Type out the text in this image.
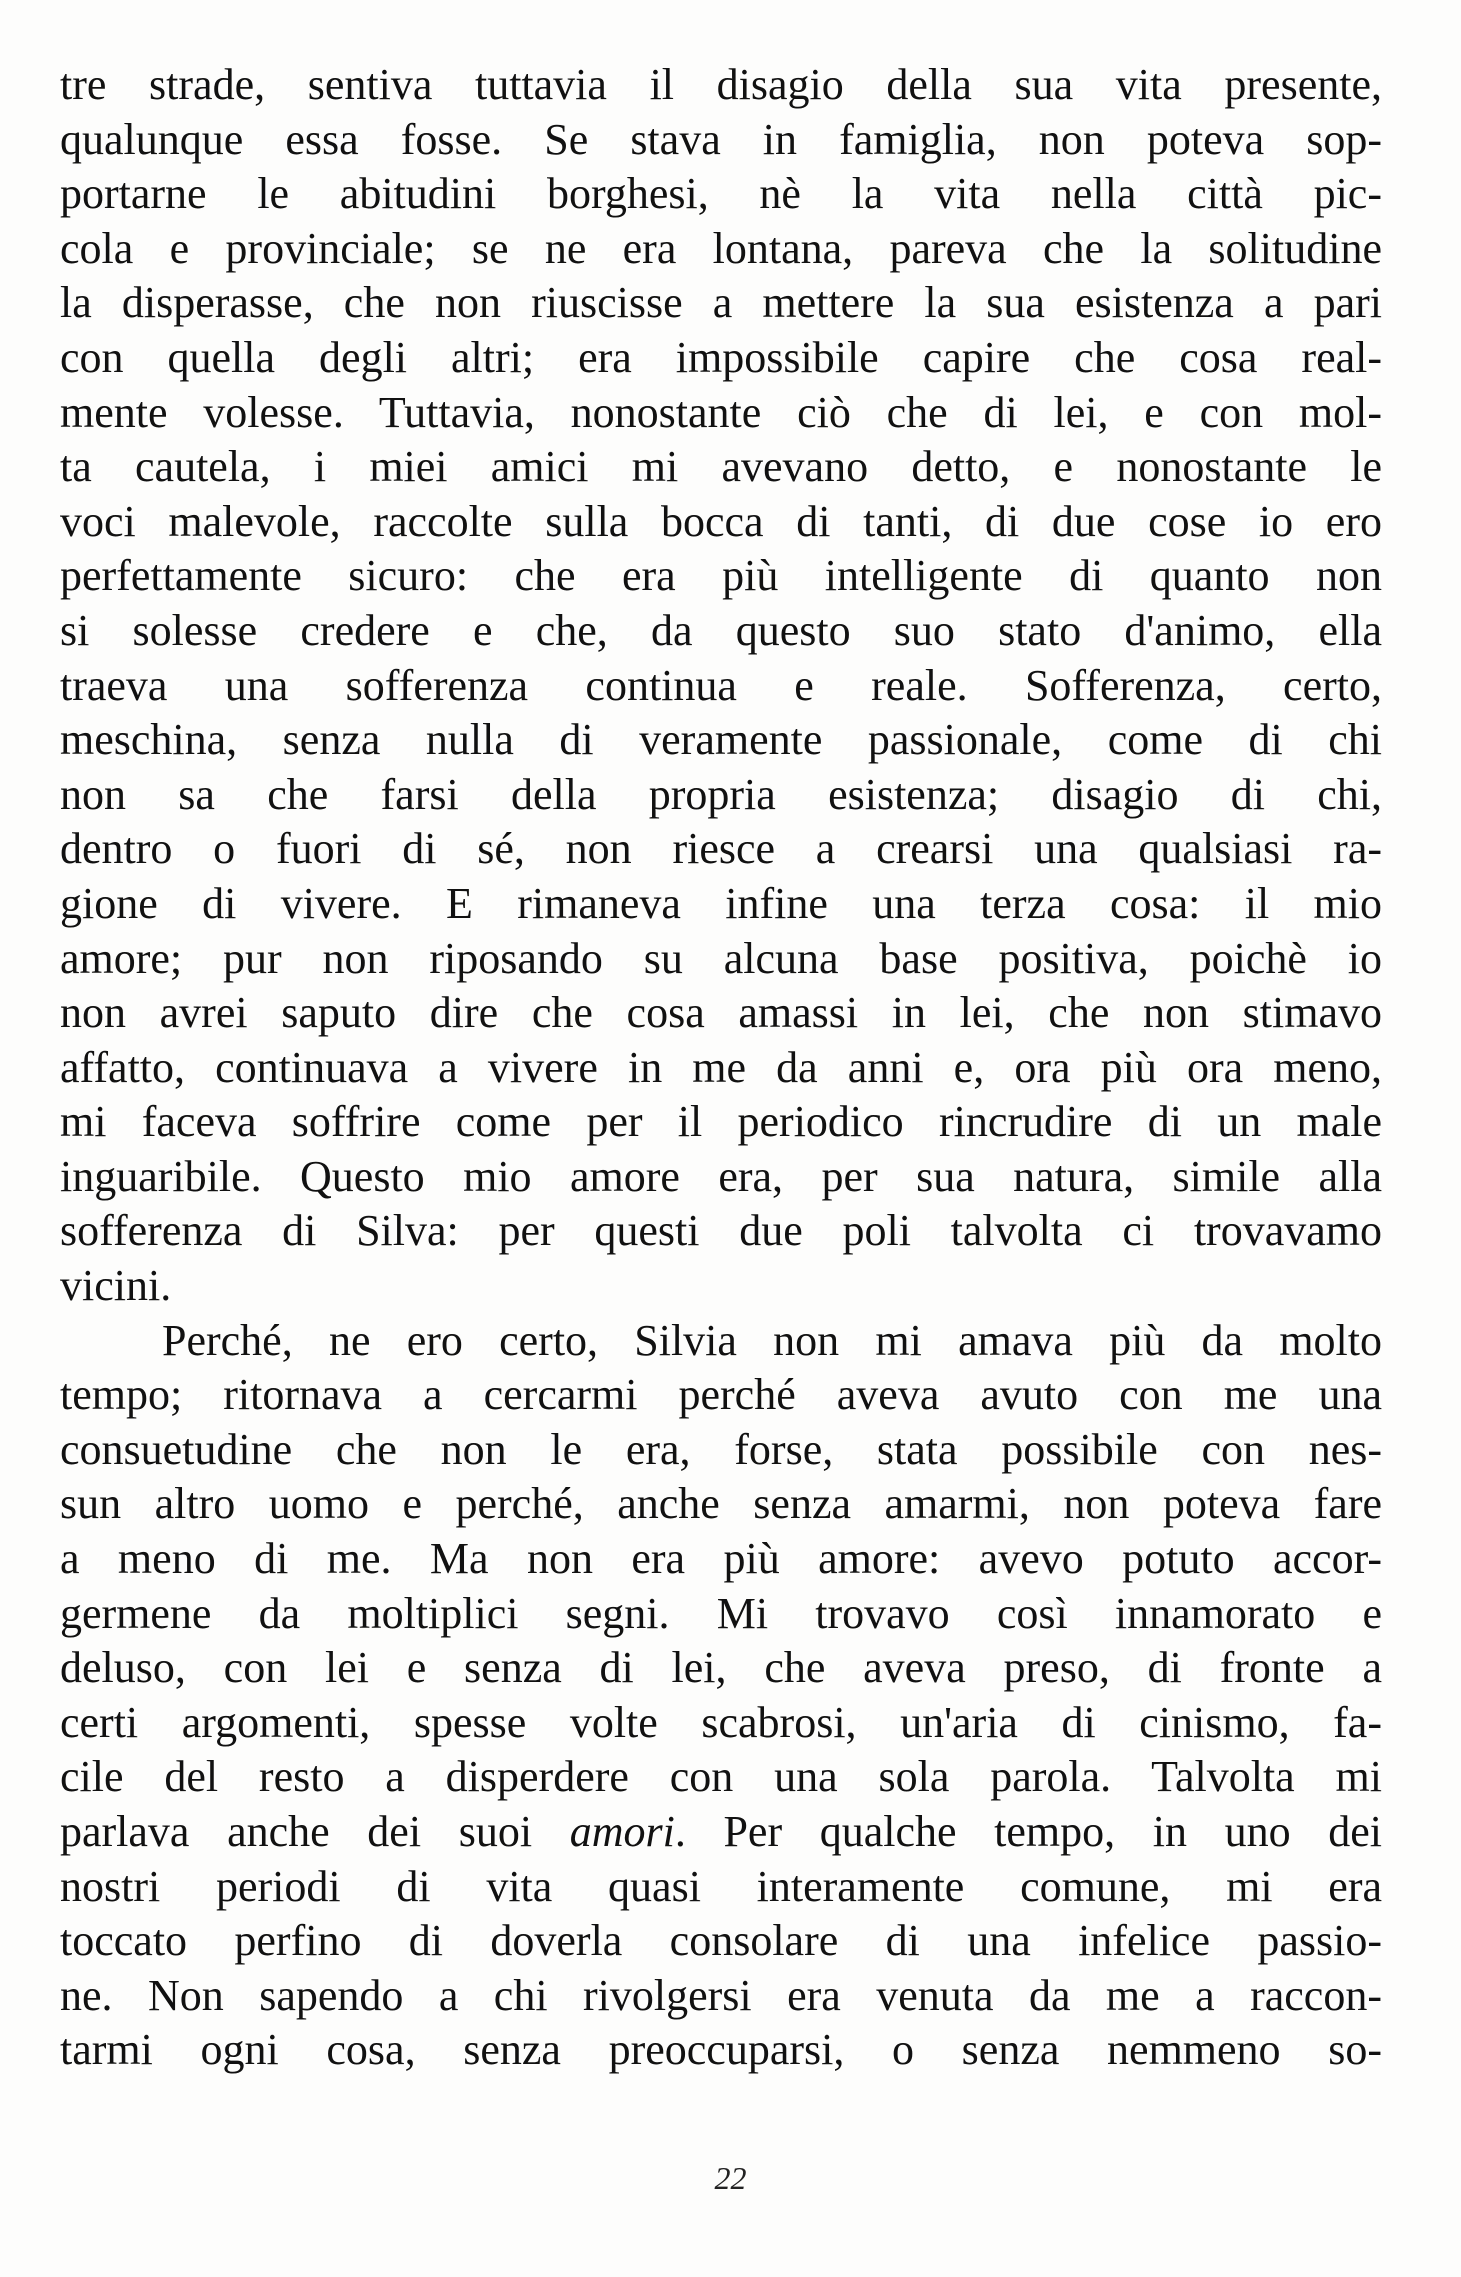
tre strade, sentiva tuttavia il disagio della sua vita presente,
qualunque essa fosse. Se stava in famiglia, non poteva sop-
portarne le abitudini borghesi, nè la vita nella città pic-
cola e provinciale; se ne era lontana, pareva che la solitudine
la disperasse, che non riuscisse a mettere la sua esistenza a pari
con quella degli altri; era impossibile capire che cosa real-
mente volesse. Tuttavia, nonostante ciò che di lei, e con mol-
ta cautela, i miei amici mi avevano detto, e nonostante le
voci malevole, raccolte sulla bocca di tanti, di due cose io ero
perfettamente sicuro: che era più intelligente di quanto non
si solesse credere e che, da questo suo stato d'animo, ella
traeva una sofferenza continua e reale. Sofferenza, certo,
meschina, senza nulla di veramente passionale, come di chi
non sa che farsi della propria esistenza; disagio di chi,
dentro o fuori di sé, non riesce a crearsi una qualsiasi ra-
gione di vivere. E rimaneva infine una terza cosa: il mio
amore; pur non riposando su alcuna base positiva, poichè io
non avrei saputo dire che cosa amassi in lei, che non stimavo
affatto, continuava a vivere in me da anni e, ora più ora meno,
mi faceva soffrire come per il periodico rincrudire di un male
inguaribile. Questo mio amore era, per sua natura, simile alla
sofferenza di Silva: per questi due poli talvolta ci trovavamo
vicini.
Perché, ne ero certo, Silvia non mi amava più da molto
tempo; ritornava a cercarmi perché aveva avuto con me una
consuetudine che non le era, forse, stata possibile con nes-
sun altro uomo e perché, anche senza amarmi, non poteva fare
a meno di me. Ma non era più amore: avevo potuto accor-
germene da moltiplici segni. Mi trovavo così innamorato e
deluso, con lei e senza di lei, che aveva preso, di fronte a
certi argomenti, spesse volte scabrosi, un'aria di cinismo, fa-
cile del resto a disperdere con una sola parola. Talvolta mi
parlava anche dei suoi amori. Per qualche tempo, in uno dei
nostri periodi di vita quasi interamente comune, mi era
toccato perfino di doverla consolare di una infelice passio-
ne. Non sapendo a chi rivolgersi era venuta da me a raccon-
tarmi ogni cosa, senza preoccuparsi, o senza nemmeno so-
22
